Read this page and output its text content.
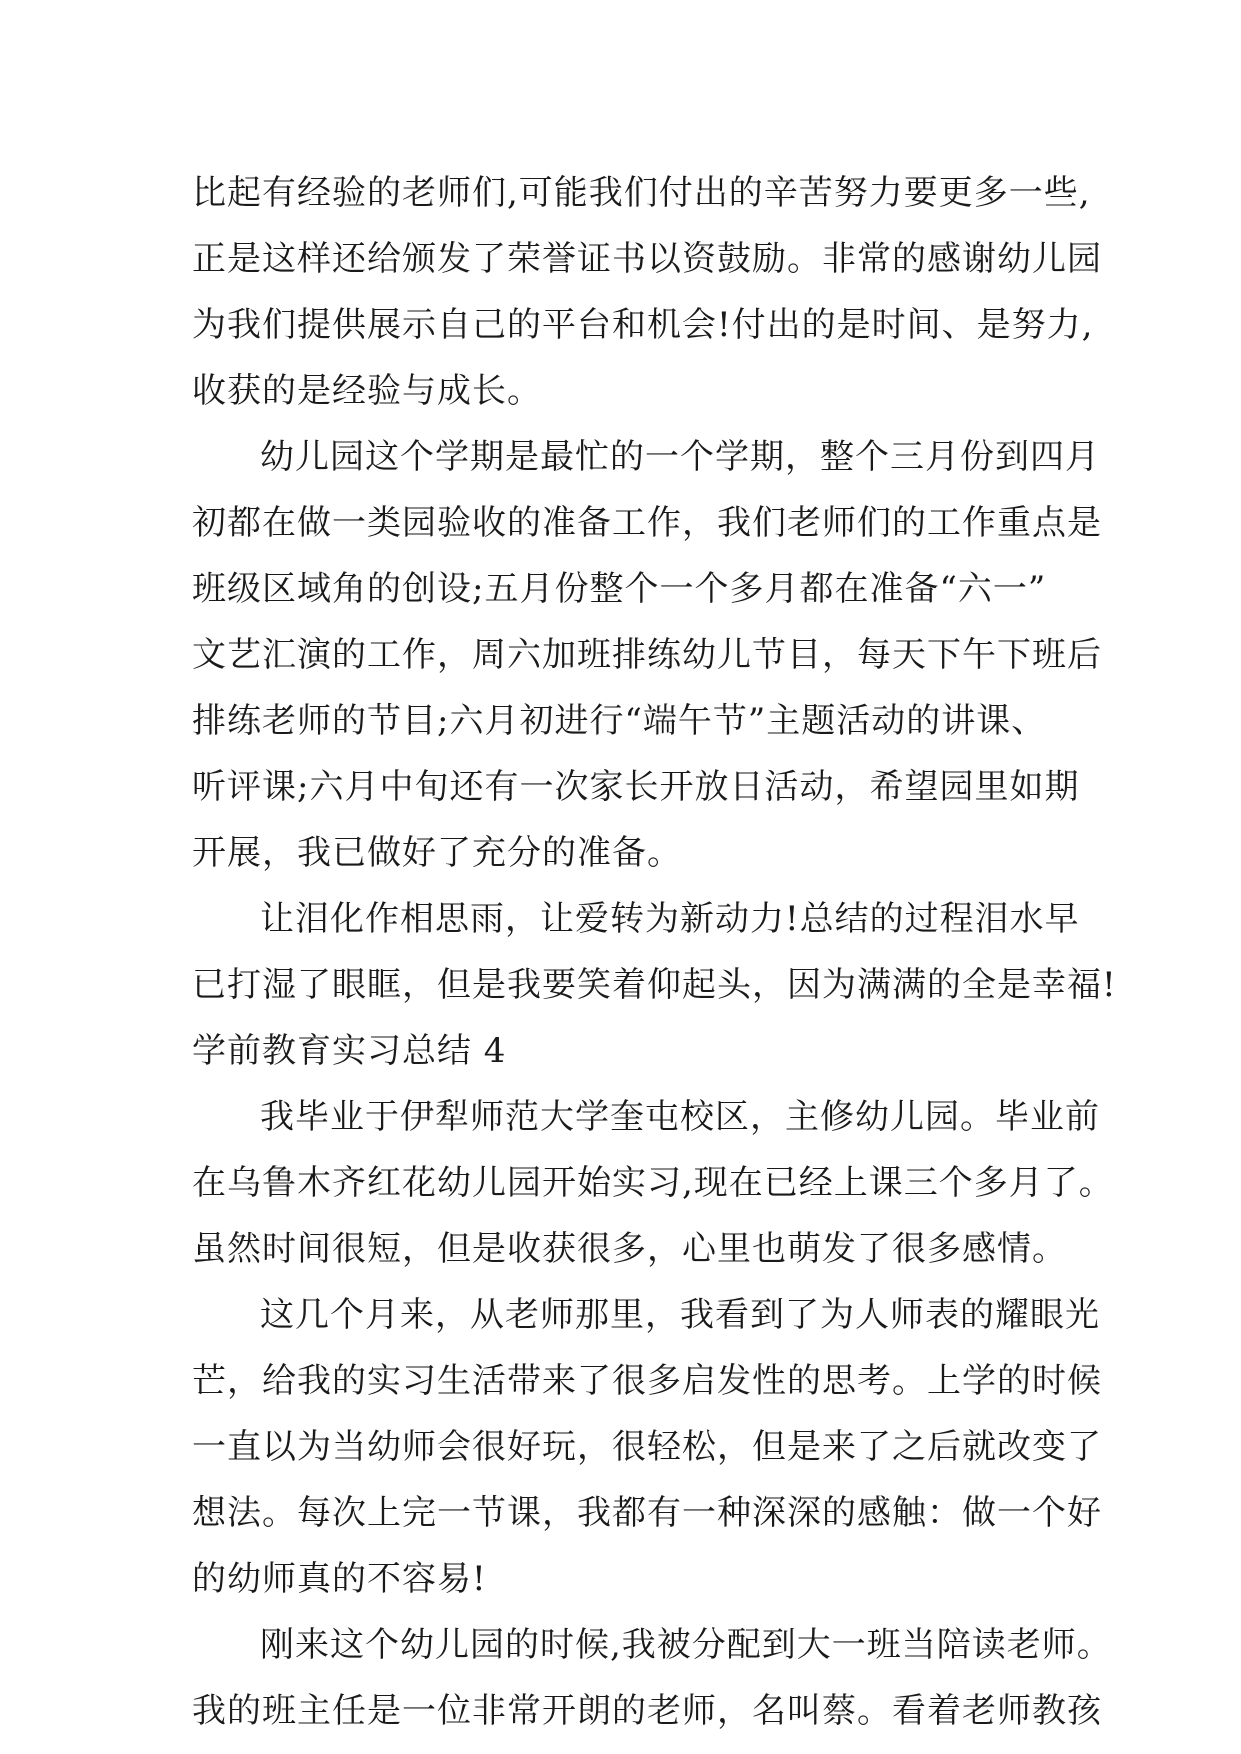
比起有经验的老师们,可能我们付出的辛苦努力要更多一些,

正是这样还给颁发了荣誉证书以资鼓励。非常的感谢幼儿园

为我们提供展示自己的平台和机会!付出的是时间、是努力,

收获的是经验与成长。

幼儿园这个学期是最忙的一个学期，整个三月份到四月

初都在做一类园验收的准备工作，我们老师们的工作重点是

班级区域角的创设;五月份整个一个多月都在准备“六一”

文艺汇演的工作，周六加班排练幼儿节目，每天下午下班后

排练老师的节目;六月初进行“端午节”主题活动的讲课、

听评课;六月中旬还有一次家长开放日活动，希望园里如期

开展，我已做好了充分的准备。

让泪化作相思雨，让爱转为新动力!总结的过程泪水早

已打湿了眼眶，但是我要笑着仰起头，因为满满的全是幸福!

学前教育实习总结 4

我毕业于伊犁师范大学奎屯校区，主修幼儿园。毕业前

在乌鲁木齐红花幼儿园开始实习,现在已经上课三个多月了。

虽然时间很短，但是收获很多，心里也萌发了很多感情。

这几个月来，从老师那里，我看到了为人师表的耀眼光

芒，给我的实习生活带来了很多启发性的思考。上学的时候

一直以为当幼师会很好玩，很轻松，但是来了之后就改变了

想法。每次上完一节课，我都有一种深深的感触：做一个好

的幼师真的不容易!

刚来这个幼儿园的时候,我被分配到大一班当陪读老师。

我的班主任是一位非常开朗的老师，名叫蔡。看着老师教孩
